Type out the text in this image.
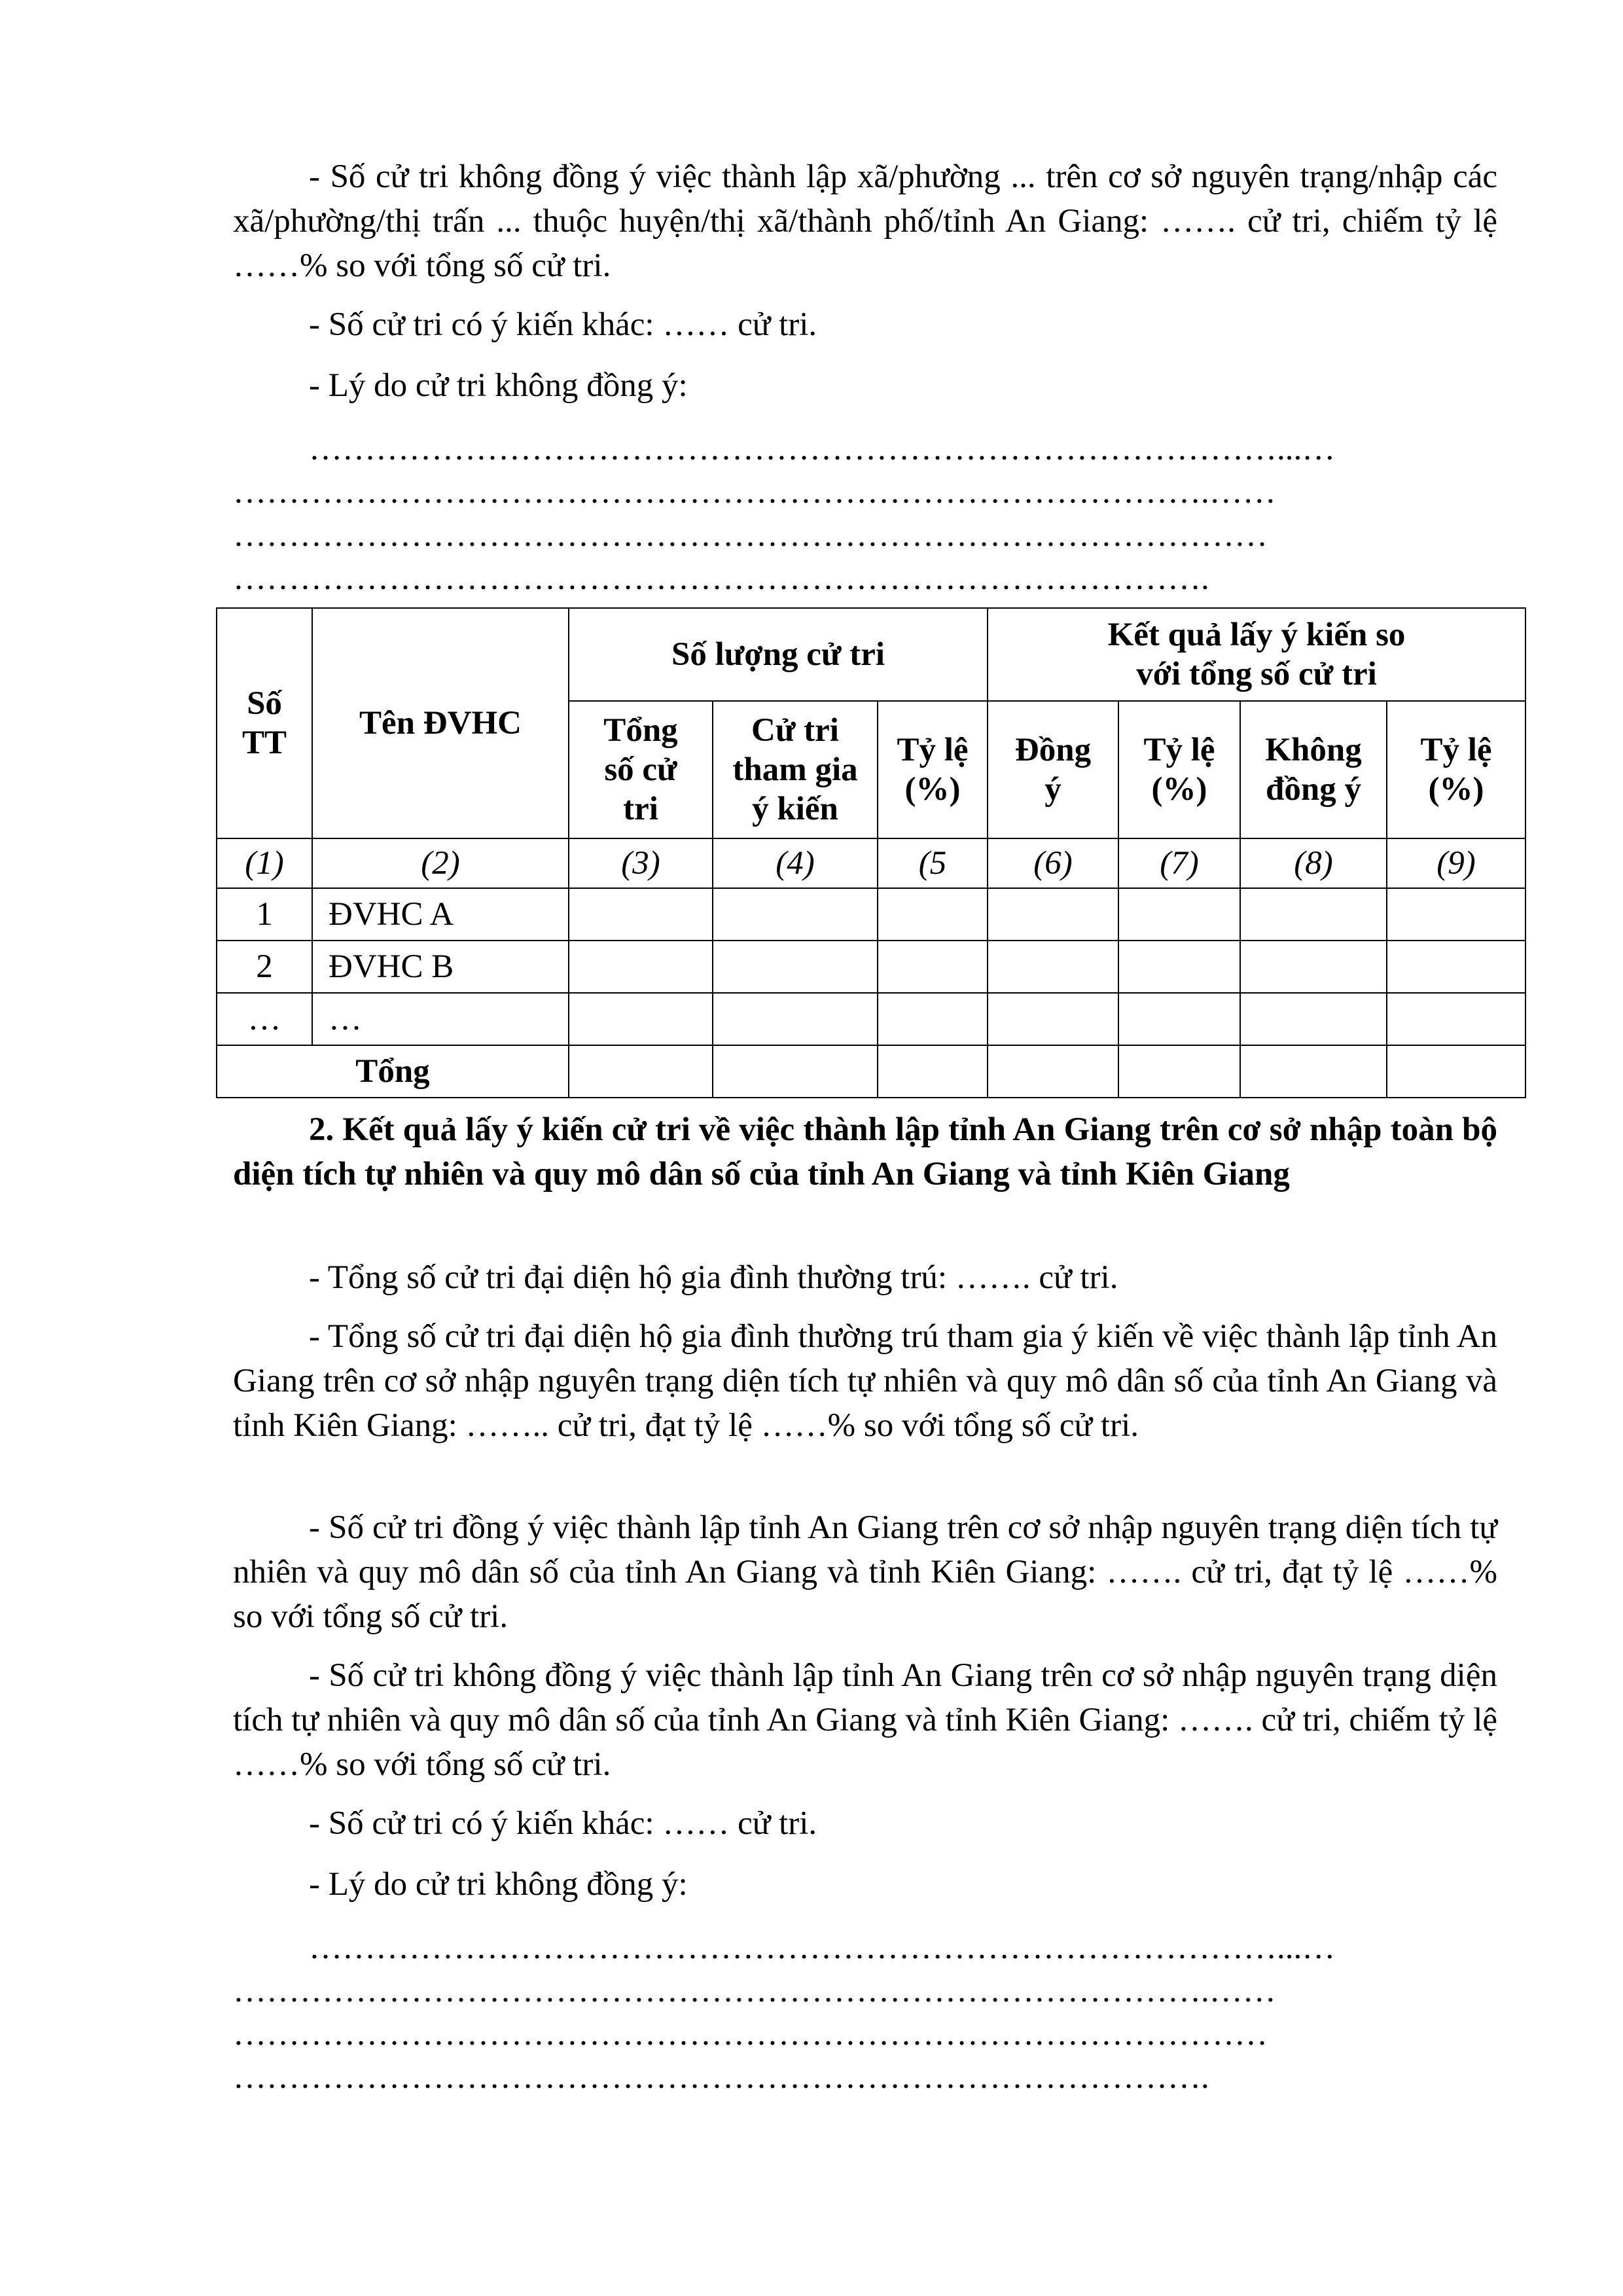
- Số cử tri không đồng ý việc thành lập xã/phường ... trên cơ sở nguyên trạng/nhập các xã/phường/thị trấn ... thuộc huyện/thị xã/thành phố/tỉnh An Giang: ……. cử tri, chiếm tỷ lệ ……% so với tổng số cử tri.

- Số cử tri có ý kiến khác: …… cử tri.

- Lý do cử tri không đồng ý:

……………………………………………………………………………...…

…………………………………………………………………………….……

…………………………………………………………………………………

…………………………………………………………………………….

Số TT	Tên ĐVHC	Số lượng cử tri			Kết quả lấy ý kiến so với tổng số cử tri			
		Tổng số cử tri	Cử tri tham gia ý kiến	Tỷ lệ (%)	Đồng ý	Tỷ lệ (%)	Không đồng ý	Tỷ lệ (%)
(1)	(2)	(3)	(4)	(5	(6)	(7)	(8)	(9)
1	ĐVHC A							
2	ĐVHC B							
…	…							
Tổng								

2. Kết quả lấy ý kiến cử tri về việc thành lập tỉnh An Giang trên cơ sở nhập toàn bộ diện tích tự nhiên và quy mô dân số của tỉnh An Giang và tỉnh Kiên Giang

- Tổng số cử tri đại diện hộ gia đình thường trú: ……. cử tri.

- Tổng số cử tri đại diện hộ gia đình thường trú tham gia ý kiến về việc thành lập tỉnh An Giang trên cơ sở nhập nguyên trạng diện tích tự nhiên và quy mô dân số của tỉnh An Giang và tỉnh Kiên Giang: …….. cử tri, đạt tỷ lệ ……% so với tổng số cử tri.

- Số cử tri đồng ý việc thành lập tỉnh An Giang trên cơ sở nhập nguyên trạng diện tích tự nhiên và quy mô dân số của tỉnh An Giang và tỉnh Kiên Giang: ……. cử tri, đạt tỷ lệ ……% so với tổng số cử tri.

- Số cử tri không đồng ý việc thành lập tỉnh An Giang trên cơ sở nhập nguyên trạng diện tích tự nhiên và quy mô dân số của tỉnh An Giang và tỉnh Kiên Giang: ……. cử tri, chiếm tỷ lệ ……% so với tổng số cử tri.

- Số cử tri có ý kiến khác: …… cử tri.

- Lý do cử tri không đồng ý:

……………………………………………………………………………...…

…………………………………………………………………………….……

…………………………………………………………………………………

…………………………………………………………………………….
